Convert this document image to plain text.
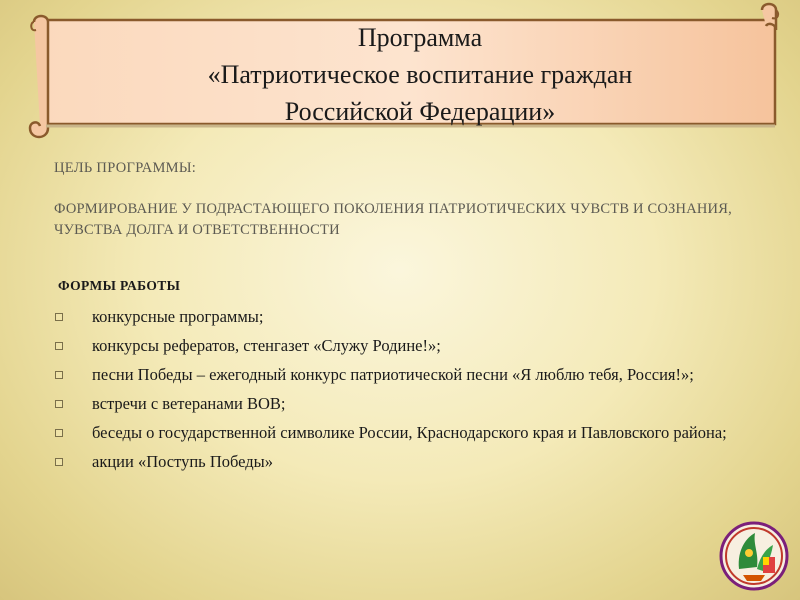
Программа
«Патриотическое воспитание граждан
Российской Федерации»
ЦЕЛЬ ПРОГРАММЫ:
ФОРМИРОВАНИЕ У ПОДРАСТАЮЩЕГО ПОКОЛЕНИЯ ПАТРИОТИЧЕСКИХ ЧУВСТВ И СОЗНАНИЯ, ЧУВСТВА ДОЛГА И ОТВЕТСТВЕННОСТИ
ФОРМЫ РАБОТЫ
конкурсные программы;
конкурсы рефератов, стенгазет «Служу Родине!»;
песни Победы – ежегодный конкурс патриотической песни «Я люблю тебя, Россия!»;
встречи с ветеранами ВОВ;
беседы о государственной символике России, Краснодарского края и Павловского района;
акции «Поступь Победы»
